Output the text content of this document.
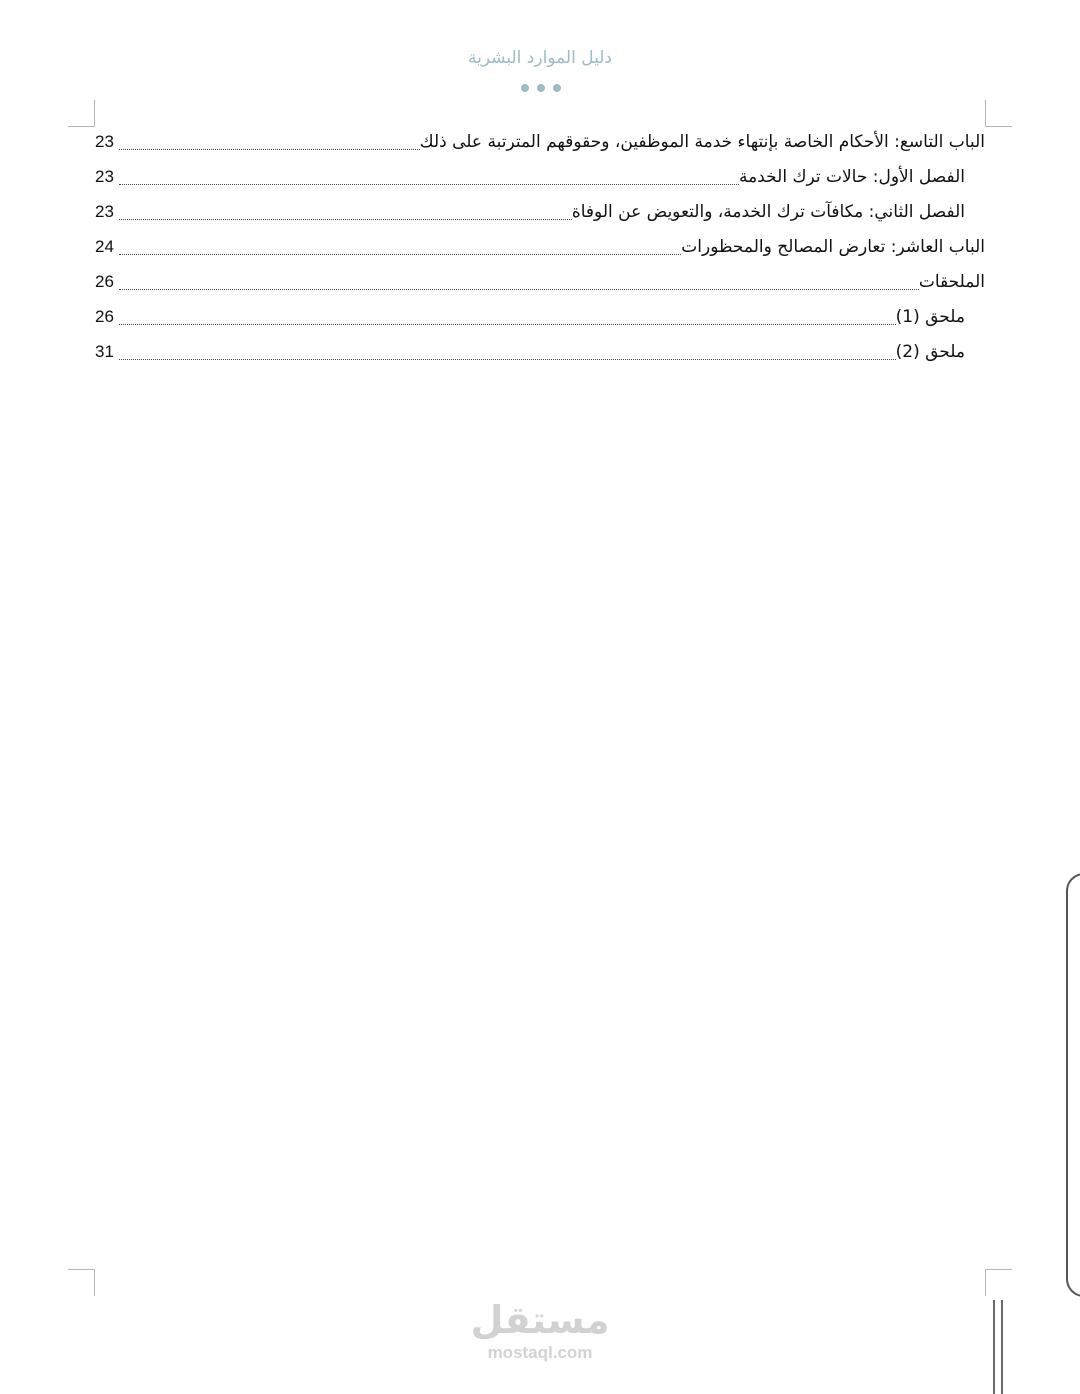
دليل الموارد البشرية
الباب التاسع: الأحكام الخاصة بإنتهاء خدمة الموظفين، وحقوقهم المترتبة على ذلك
23
الفصل الأول: حالات ترك الخدمة
23
الفصل الثاني: مكافآت ترك الخدمة، والتعويض عن الوفاة
23
الباب العاشر: تعارض المصالح والمحظورات
24
الملحقات
26
ملحق (1)
26
ملحق (2)
31
مستقل
mostaql.com
